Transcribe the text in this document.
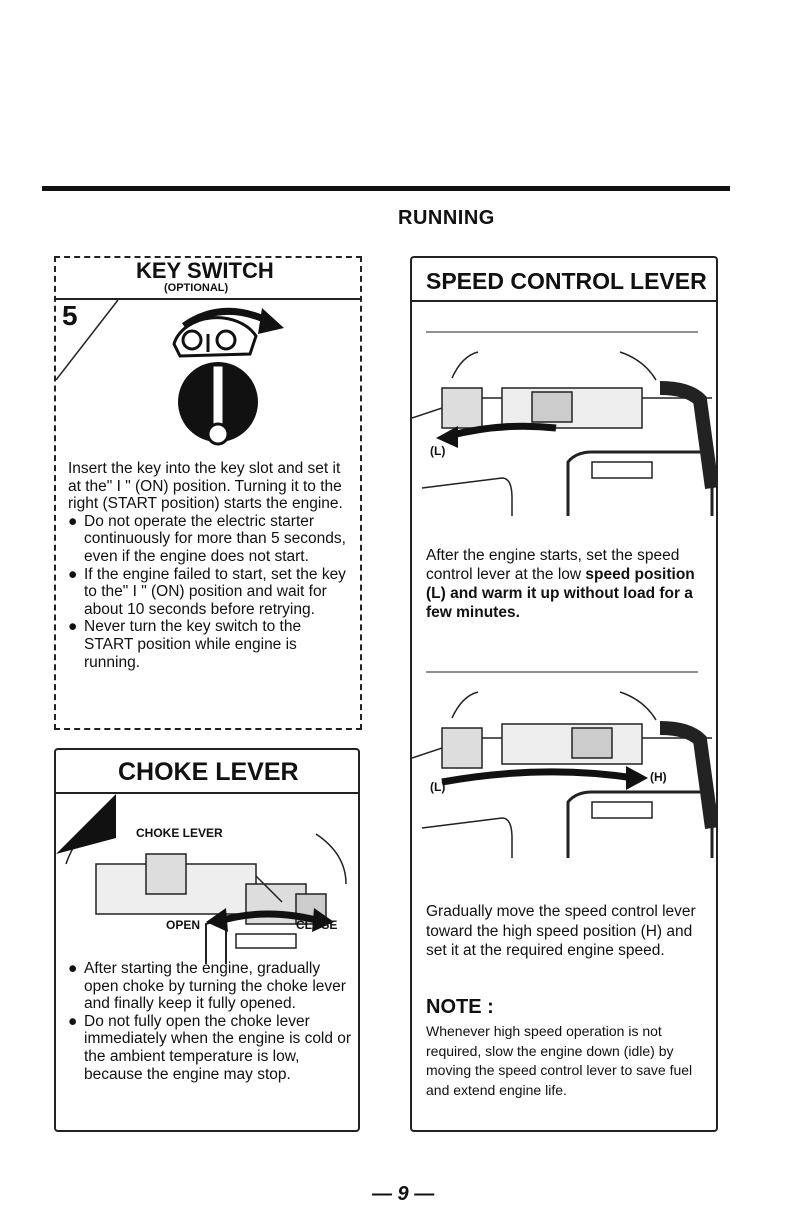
RUNNING
KEY SWITCH
(OPTIONAL)
5

Insert the key into the key slot and set it at the" I " (ON) position. Turning it to the right (START position) starts the engine.

● Do not operate the electric starter continuously for more than 5 seconds, even if the engine does not start.

● If the engine failed to start, set the key to the" I " (ON) position and wait for about 10 seconds before retrying.

● Never turn the key switch to the START position while engine is running.

CHOKE LEVER
6	CHOKE LEVER
OPEN	CLOSE

● After starting the engine, gradually open choke by turning the choke lever and finally keep it fully opened.

● Do not fully open the choke lever immediately when the engine is cold or the ambient temperature is low, because the engine may stop.

SPEED CONTROL LEVER
(L)
After the engine starts, set the speed control lever at the low speed position (L) and warm it up without load for a few minutes.
(L)
(H)
Gradually move the speed control lever toward the high speed position (H) and set it at the required engine speed.
NOTE :
Whenever high speed operation is not required, slow the engine down (idle) by moving the speed control lever to save fuel and extend engine life.
— 9 —
